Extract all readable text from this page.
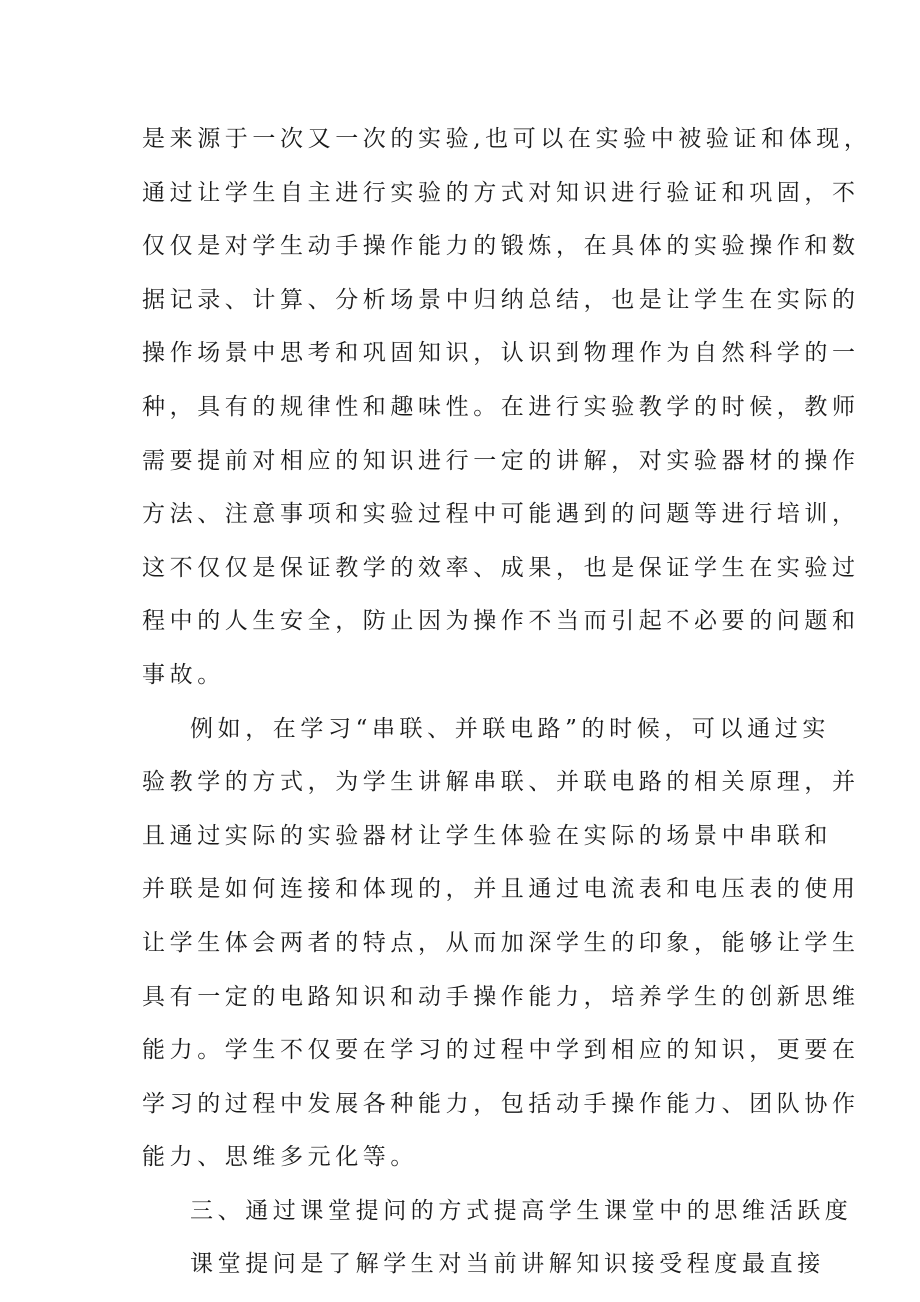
是来源于一次又一次的实验,也可以在实验中被验证和体现，
通过让学生自主进行实验的方式对知识进行验证和巩固，不
仅仅是对学生动手操作能力的锻炼，在具体的实验操作和数
据记录、计算、分析场景中归纳总结，也是让学生在实际的
操作场景中思考和巩固知识，认识到物理作为自然科学的一
种，具有的规律性和趣味性。在进行实验教学的时候，教师
需要提前对相应的知识进行一定的讲解，对实验器材的操作
方法、注意事项和实验过程中可能遇到的问题等进行培训，
这不仅仅是保证教学的效率、成果，也是保证学生在实验过
程中的人生安全，防止因为操作不当而引起不必要的问题和
事故。
例如，在学习“串联、并联电路”的时候，可以通过实
验教学的方式，为学生讲解串联、并联电路的相关原理，并
且通过实际的实验器材让学生体验在实际的场景中串联和
并联是如何连接和体现的，并且通过电流表和电压表的使用
让学生体会两者的特点，从而加深学生的印象，能够让学生
具有一定的电路知识和动手操作能力，培养学生的创新思维
能力。学生不仅要在学习的过程中学到相应的知识，更要在
学习的过程中发展各种能力，包括动手操作能力、团队协作
能力、思维多元化等。
三、通过课堂提问的方式提高学生课堂中的思维活跃度
课堂提问是了解学生对当前讲解知识接受程度最直接
